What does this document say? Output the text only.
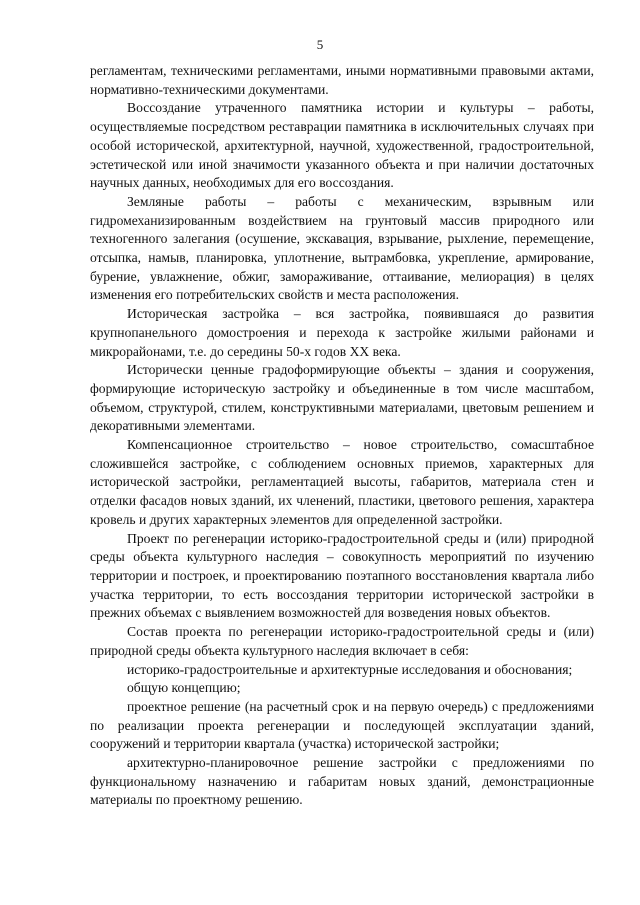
5

регламентам, техническими регламентами, иными нормативными правовыми актами, нормативно-техническими документами.

Воссоздание утраченного памятника истории и культуры – работы, осуществляемые посредством реставрации памятника в исключительных случаях при особой исторической, архитектурной, научной, художественной, градостроительной, эстетической или иной значимости указанного объекта и при наличии достаточных научных данных, необходимых для его воссоздания.

Земляные работы – работы с механическим, взрывным или гидромеханизированным воздействием на грунтовый массив природного или техногенного залегания (осушение, экскавация, взрывание, рыхление, перемещение, отсыпка, намыв, планировка, уплотнение, вытрамбовка, укрепление, армирование, бурение, увлажнение, обжиг, замораживание, оттаивание, мелиорация) в целях изменения его потребительских свойств и места расположения.

Историческая застройка – вся застройка, появившаяся до развития крупнопанельного домостроения и перехода к застройке жилыми районами и микрорайонами, т.е. до середины 50-х годов XX века.

Исторически ценные градоформирующие объекты – здания и сооружения, формирующие историческую застройку и объединенные в том числе масштабом, объемом, структурой, стилем, конструктивными материалами, цветовым решением и декоративными элементами.

Компенсационное строительство – новое строительство, сомасштабное сложившейся застройке, с соблюдением основных приемов, характерных для исторической застройки, регламентацией высоты, габаритов, материала стен и отделки фасадов новых зданий, их членений, пластики, цветового решения, характера кровель и других характерных элементов для определенной застройки.

Проект по регенерации историко-градостроительной среды и (или) природной среды объекта культурного наследия – совокупность мероприятий по изучению территории и построек, и проектированию поэтапного восстановления квартала либо участка территории, то есть воссоздания территории исторической застройки в прежних объемах с выявлением возможностей для возведения новых объектов.

Состав проекта по регенерации историко-градостроительной среды и (или) природной среды объекта культурного наследия включает в себя:

историко-градостроительные и архитектурные исследования и обоснования;

общую концепцию;

проектное решение (на расчетный срок и на первую очередь) с предложениями по реализации проекта регенерации и последующей эксплуатации зданий, сооружений и территории квартала (участка) исторической застройки;

архитектурно-планировочное решение застройки с предложениями по функциональному назначению и габаритам новых зданий, демонстрационные материалы по проектному решению.
